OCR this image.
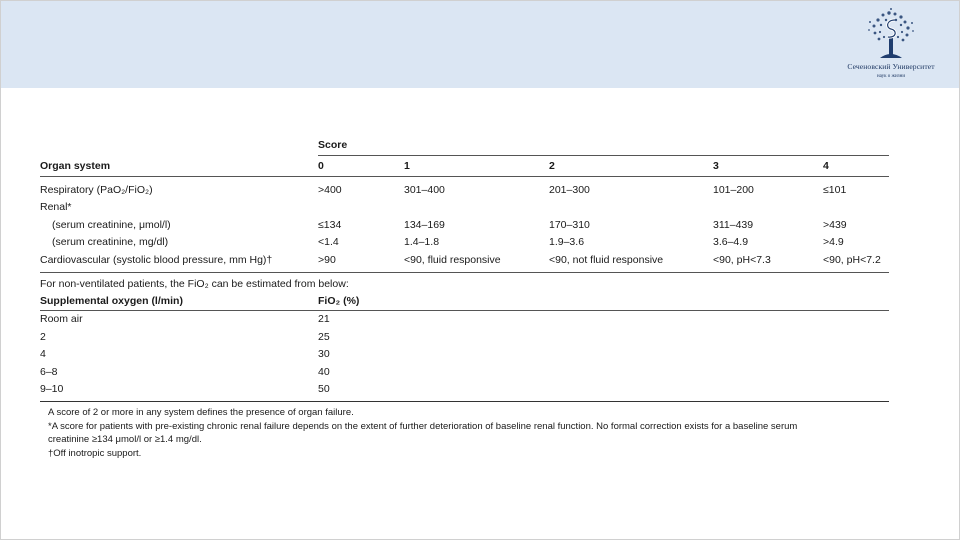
Сеченовский Университет
наук о жизни
Score
Organ system	0	1	2	3	4
Respiratory (PaO₂/FiO₂)	>400	301–400	201–300	101–200	≤101
Renal*
(serum creatinine, μmol/l)	≤134	134–169	170–310	311–439	>439
(serum creatinine, mg/dl)	<1.4	1.4–1.8	1.9–3.6	3.6–4.9	>4.9
Cardiovascular (systolic blood pressure, mm Hg)†	>90	<90, fluid responsive	<90, not fluid responsive	<90, pH<7.3	<90, pH<7.2
For non-ventilated patients, the FiO₂ can be estimated from below:
Supplemental oxygen (l/min)	FiO₂ (%)
Room air	21
2	25
4	30
6–8	40
9–10	50
A score of 2 or more in any system defines the presence of organ failure.
*A score for patients with pre-existing chronic renal failure depends on the extent of further deterioration of baseline renal function. No formal correction exists for a baseline serum
creatinine ≥134 μmol/l or ≥1.4 mg/dl.
†Off inotropic support.
